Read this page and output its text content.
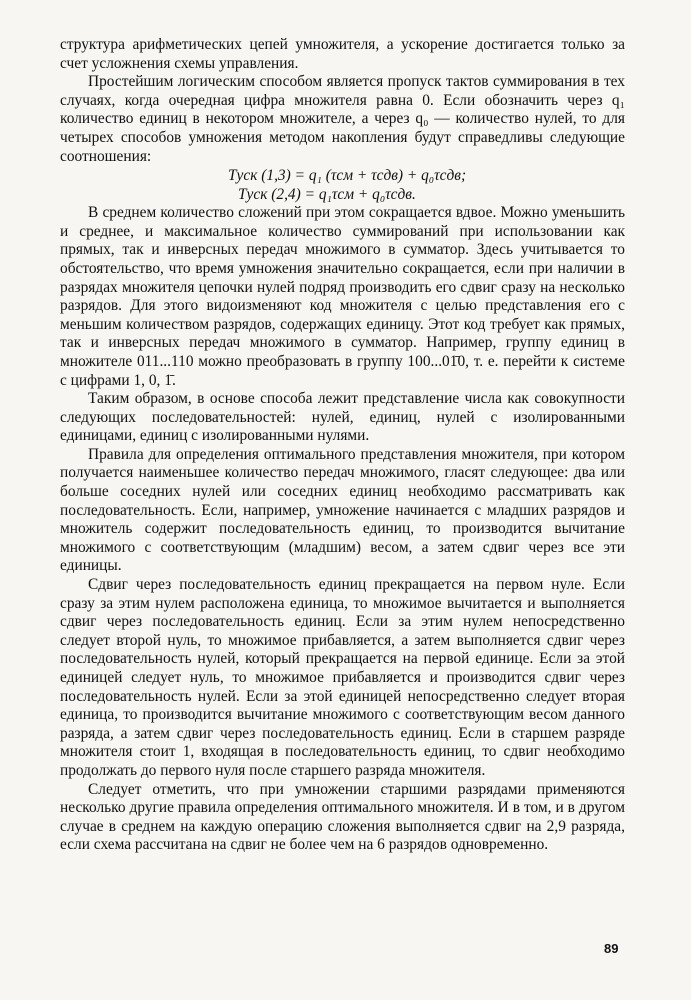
структура арифметических цепей умножителя, а ускорение достигается только за счет усложнения схемы управления.

Простейшим логическим способом является пропуск тактов суммирования в тех случаях, когда очередная цифра множителя равна 0. Если обозначить через q₁ количество единиц в некотором множителе, а через q₀ — количество нулей, то для четырех способов умножения методом накопления будут справедливы следующие соотношения:

Tуск (1,3) = q₁ (τсм + τсдв) + q₀τсдв;

Tуск (2,4) = q₁τсм + q₀τсдв.

В среднем количество сложений при этом сокращается вдвое. Можно уменьшить и среднее, и максимальное количество суммирований при использовании как прямых, так и инверсных передач множимого в сумматор. Здесь учитывается то обстоятельство, что время умножения значительно сокращается, если при наличии в разрядах множителя цепочки нулей подряд производить его сдвиг сразу на несколько разрядов. Для этого видоизменяют код множителя с целью представления его с меньшим количеством разрядов, содержащих единицу. Этот код требует как прямых, так и инверсных передач множимого в сумматор. Например, группу единиц в множителе 011...110 можно преобразовать в группу 100...01̄0, т. е. перейти к системе с цифрами 1, 0, 1̄.

Таким образом, в основе способа лежит представление числа как совокупности следующих последовательностей: нулей, единиц, нулей с изолированными единицами, единиц с изолированными нулями.

Правила для определения оптимального представления множителя, при котором получается наименьшее количество передач множимого, гласят следующее: два или больше соседних нулей или соседних единиц необходимо рассматривать как последовательность. Если, например, умножение начинается с младших разрядов и множитель содержит последовательность единиц, то производится вычитание множимого с соответствующим (младшим) весом, а затем сдвиг через все эти единицы.

Сдвиг через последовательность единиц прекращается на первом нуле. Если сразу за этим нулем расположена единица, то множимое вычитается и выполняется сдвиг через последовательность единиц. Если за этим нулем непосредственно следует второй нуль, то множимое прибавляется, а затем выполняется сдвиг через последовательность нулей, который прекращается на первой единице. Если за этой единицей следует нуль, то множимое прибавляется и производится сдвиг через последовательность нулей. Если за этой единицей непосредственно следует вторая единица, то производится вычитание множимого с соответствующим весом данного разряда, а затем сдвиг через последовательность единиц. Если в старшем разряде множителя стоит 1, входящая в последовательность единиц, то сдвиг необходимо продолжать до первого нуля после старшего разряда множителя.

Следует отметить, что при умножении старшими разрядами применяются несколько другие правила определения оптимального множителя. И в том, и в другом случае в среднем на каждую операцию сложения выполняется сдвиг на 2,9 разряда, если схема рассчитана на сдвиг не более чем на 6 разрядов одновременно.

89
